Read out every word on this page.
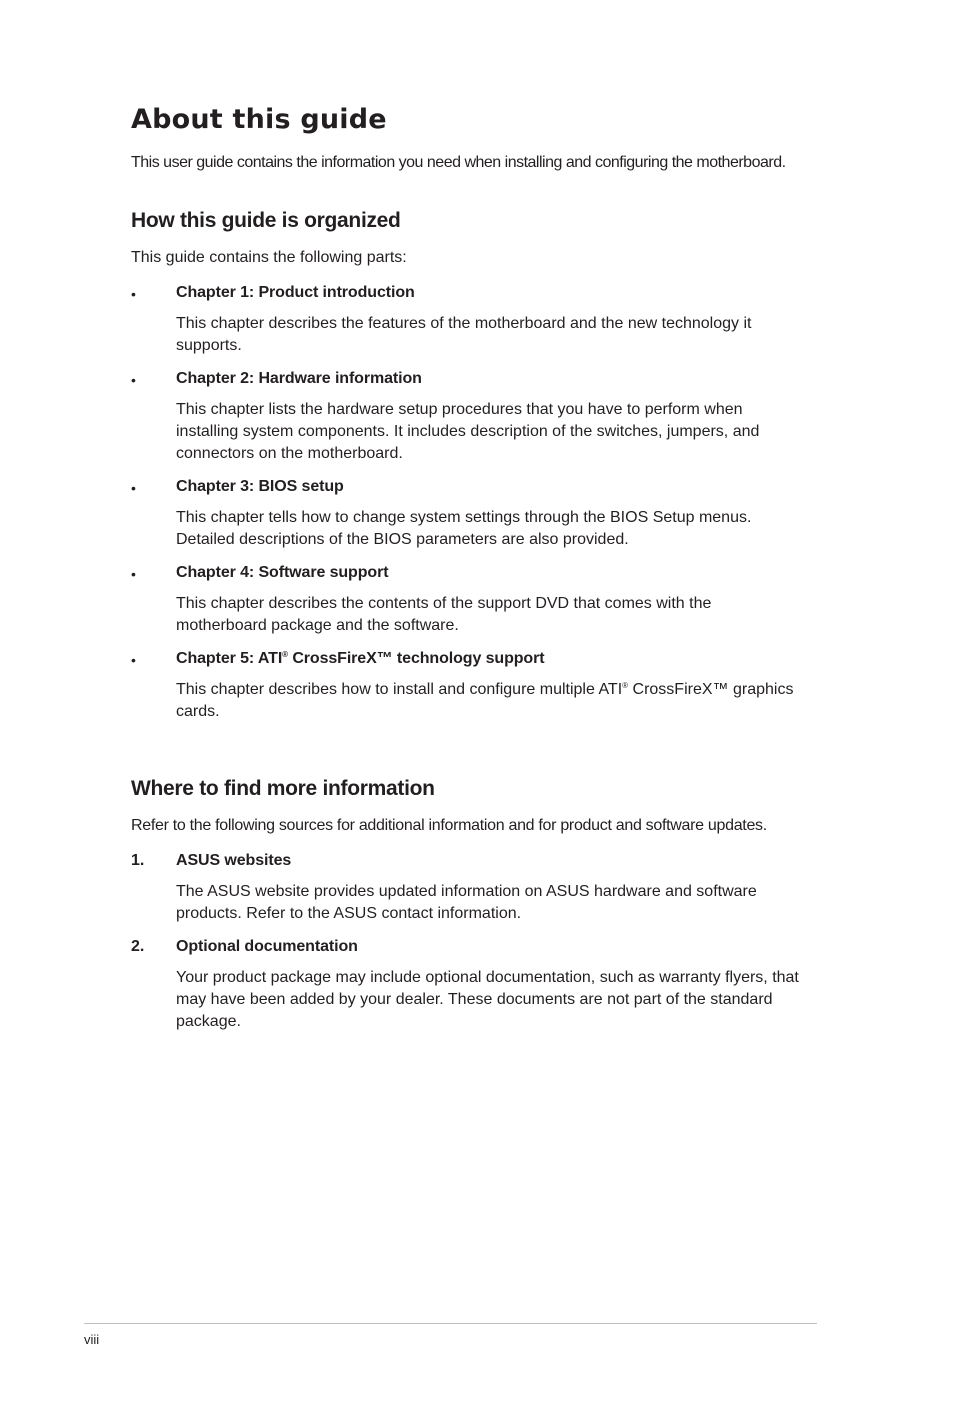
About this guide

This user guide contains the information you need when installing and configuring the motherboard.

How this guide is organized

This guide contains the following parts:

•	Chapter 1: Product introduction

This chapter describes the features of the motherboard and the new technology it supports.

•	Chapter 2: Hardware information

This chapter lists the hardware setup procedures that you have to perform when installing system components. It includes description of the switches, jumpers, and connectors on the motherboard.

•	Chapter 3: BIOS setup

This chapter tells how to change system settings through the BIOS Setup menus. Detailed descriptions of the BIOS parameters are also provided.

•	Chapter 4: Software support

This chapter describes the contents of the support DVD that comes with the motherboard package and the software.

•	Chapter 5: ATI® CrossFireX™ technology support

This chapter describes how to install and configure multiple ATI® CrossFireX™ graphics cards.

Where to find more information

Refer to the following sources for additional information and for product and software updates.

1. ASUS websites

The ASUS website provides updated information on ASUS hardware and software products. Refer to the ASUS contact information.

2. Optional documentation

Your product package may include optional documentation, such as warranty flyers, that may have been added by your dealer. These documents are not part of the standard package.

viii
